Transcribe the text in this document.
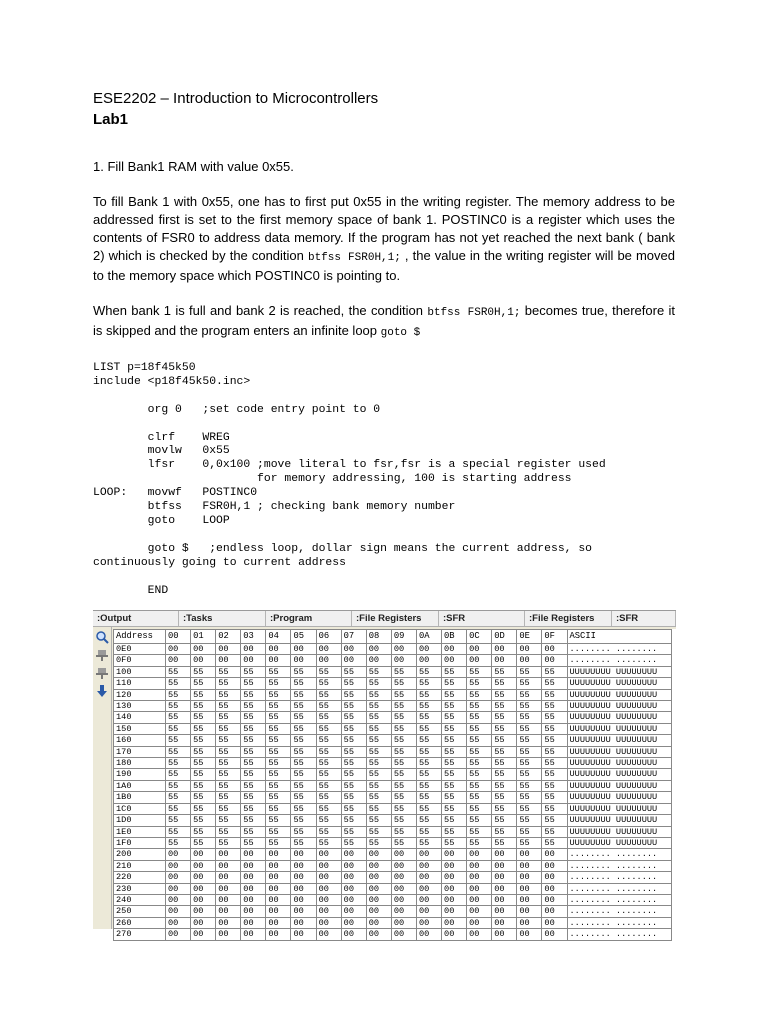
ESE2202 – Introduction to Microcontrollers
Lab1

1. Fill Bank1 RAM with value 0x55.

To fill Bank 1 with 0x55, one has to first put 0x55 in the writing register. The memory address to be addressed first is set to the first memory space of bank 1. POSTINC0 is a register which uses the contents of FSR0 to address data memory. If the program has not yet reached the next bank ( bank 2) which is checked by the condition btfss FSR0H,1; , the value in the writing register will be moved to the memory space which POSTINC0 is pointing to.

When bank 1 is full and bank 2 is reached, the condition btfss FSR0H,1; becomes true, therefore it is skipped and the program enters an infinite loop goto $

LIST p=18f45k50
include <p18f45k50.inc>

org 0   ;set code entry point to 0

clrf    WREG
movlw   0x55
lfsr    0,0x100 ;move literal to fsr,fsr is a special register used
for memory addressing, 100 is starting address
LOOP:   movwf   POSTINC0
btfss   FSR0H,1 ; checking bank memory number
goto    LOOP

goto $   ;endless loop, dollar sign means the current address, so
continuously going to current address

END
:Output	:Tasks	:Program	:File Registers	:SFR	:File Registers	:SFR
Address	00	01	02	03	04	05	06	07	08	09	0A	0B	0C	0D	0E	0F	ASCII
0E0	00	00	00	00	00	00	00	00	00	00	00	00	00	00	00	00	........ ........
0F0	00	00	00	00	00	00	00	00	00	00	00	00	00	00	00	00	........ ........
100	55	55	55	55	55	55	55	55	55	55	55	55	55	55	55	55	UUUUUUUU UUUUUUUU
110	55	55	55	55	55	55	55	55	55	55	55	55	55	55	55	55	UUUUUUUU UUUUUUUU
120	55	55	55	55	55	55	55	55	55	55	55	55	55	55	55	55	UUUUUUUU UUUUUUUU
130	55	55	55	55	55	55	55	55	55	55	55	55	55	55	55	55	UUUUUUUU UUUUUUUU
140	55	55	55	55	55	55	55	55	55	55	55	55	55	55	55	55	UUUUUUUU UUUUUUUU
150	55	55	55	55	55	55	55	55	55	55	55	55	55	55	55	55	UUUUUUUU UUUUUUUU
160	55	55	55	55	55	55	55	55	55	55	55	55	55	55	55	55	UUUUUUUU UUUUUUUU
170	55	55	55	55	55	55	55	55	55	55	55	55	55	55	55	55	UUUUUUUU UUUUUUUU
180	55	55	55	55	55	55	55	55	55	55	55	55	55	55	55	55	UUUUUUUU UUUUUUUU
190	55	55	55	55	55	55	55	55	55	55	55	55	55	55	55	55	UUUUUUUU UUUUUUUU
1A0	55	55	55	55	55	55	55	55	55	55	55	55	55	55	55	55	UUUUUUUU UUUUUUUU
1B0	55	55	55	55	55	55	55	55	55	55	55	55	55	55	55	55	UUUUUUUU UUUUUUUU
1C0	55	55	55	55	55	55	55	55	55	55	55	55	55	55	55	55	UUUUUUUU UUUUUUUU
1D0	55	55	55	55	55	55	55	55	55	55	55	55	55	55	55	55	UUUUUUUU UUUUUUUU
1E0	55	55	55	55	55	55	55	55	55	55	55	55	55	55	55	55	UUUUUUUU UUUUUUUU
1F0	55	55	55	55	55	55	55	55	55	55	55	55	55	55	55	55	UUUUUUUU UUUUUUUU
200	00	00	00	00	00	00	00	00	00	00	00	00	00	00	00	00	........ ........
210	00	00	00	00	00	00	00	00	00	00	00	00	00	00	00	00	........ ........
220	00	00	00	00	00	00	00	00	00	00	00	00	00	00	00	00	........ ........
230	00	00	00	00	00	00	00	00	00	00	00	00	00	00	00	00	........ ........
240	00	00	00	00	00	00	00	00	00	00	00	00	00	00	00	00	........ ........
250	00	00	00	00	00	00	00	00	00	00	00	00	00	00	00	00	........ ........
260	00	00	00	00	00	00	00	00	00	00	00	00	00	00	00	00	........ ........
270	00	00	00	00	00	00	00	00	00	00	00	00	00	00	00	00	........ ........
